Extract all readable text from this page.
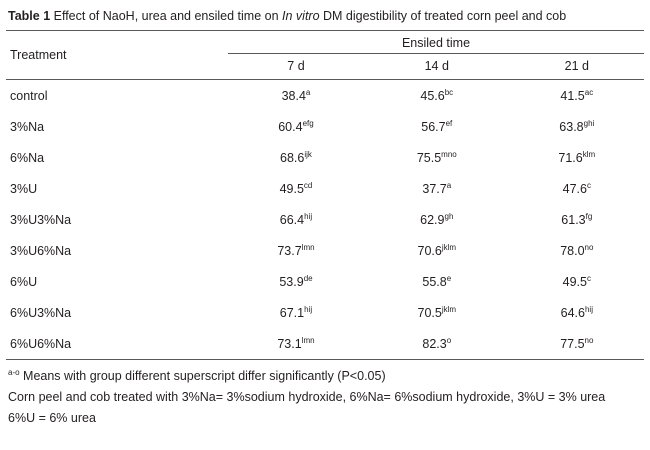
Table 1 Effect of NaoH, urea and ensiled time on In vitro DM digestibility of treated corn peel and cob
Treatment	Ensiled time		
	7 d	14 d	21 d

control	38.4$^a$	45.6$^{bc}$	41.5$^{ac}$
3%Na	60.4$^{efg}$	56.7$^{ef}$	$63.8^{ghi}$
6%Na	$68.6^{ijk}$	$75.5^{mno}$	$71.6^{klm}$
3%U	49.5$^{cd}$	37.7$^a$	47.6$^c$
3%U3%Na	$66.4^{hij}$	62.9$^{gh}$	61.3$^{fg}$
3%U6%Na	$73.7^{lmn}$	$70.6^{jklm}$	$78.0^{no}$
6%U	53.9de	55.8e	49.5$^c$
6%U3%Na	$67.1^{hij}$	$70.5^{jklm}$	$64.6^{hij}$
6%U6%Na	$73.1^{lmn}$	82.3$^o$	$77.5^{no}$
$^{a-o}$ Means with group different superscript differ significantly (P<0.05)
Corn peel and cob treated with 3%Na= 3%sodium hydroxide, 6%Na= 6%sodium hydroxide, 3%U = 3% urea
6%U = 6% urea
